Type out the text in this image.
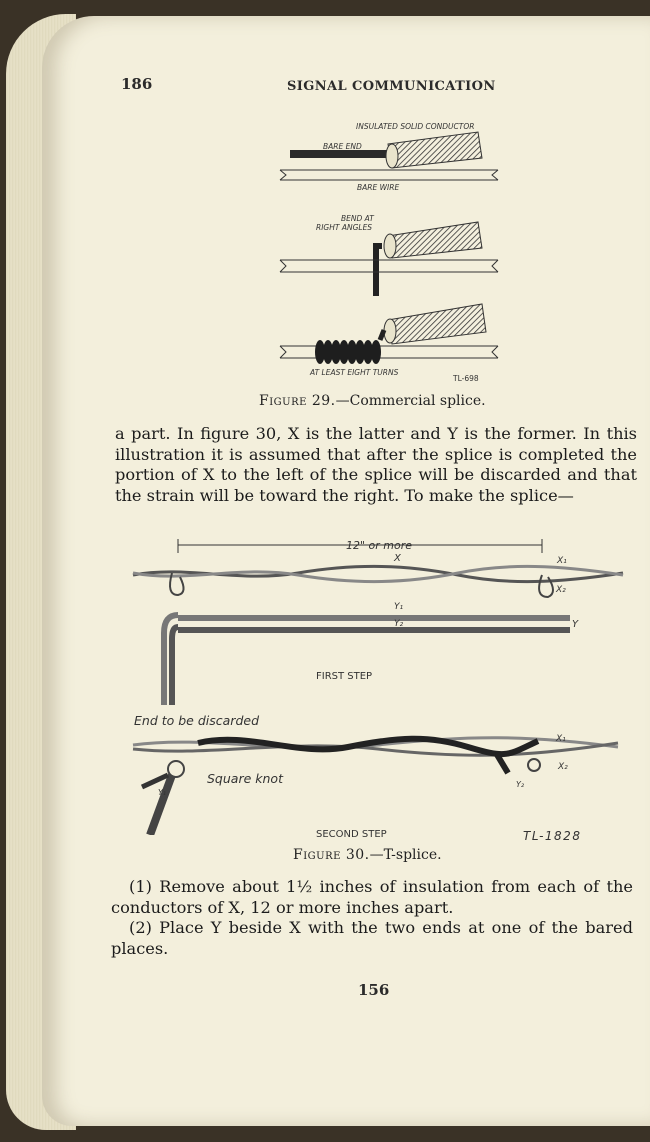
186	SIGNAL COMMUNICATION
INSULATED SOLID CONDUCTOR
BARE END
BARE WIRE
BEND AT
RIGHT ANGLES
AT LEAST EIGHT TURNS
TL-698
Figure 29.—Commercial splice.

a part. In figure 30, X is the latter and Y is the former. In this illustration it is assumed that after the splice is completed the portion of X to the left of the splice will be discarded and that the strain will be toward the right. To make the splice—

12" or more
X	X₁
X₂
Y₁
Y₂	Y
FIRST STEP
End to be discarded
X₁
X₂
Square knot	Y₂
Y₁
SECOND STEP	TL-1828
Figure 30.—T-splice.

(1) Remove about 1½ inches of insulation from each of the conductors of X, 12 or more inches apart.

(2) Place Y beside X with the two ends at one of the bared places.

156
